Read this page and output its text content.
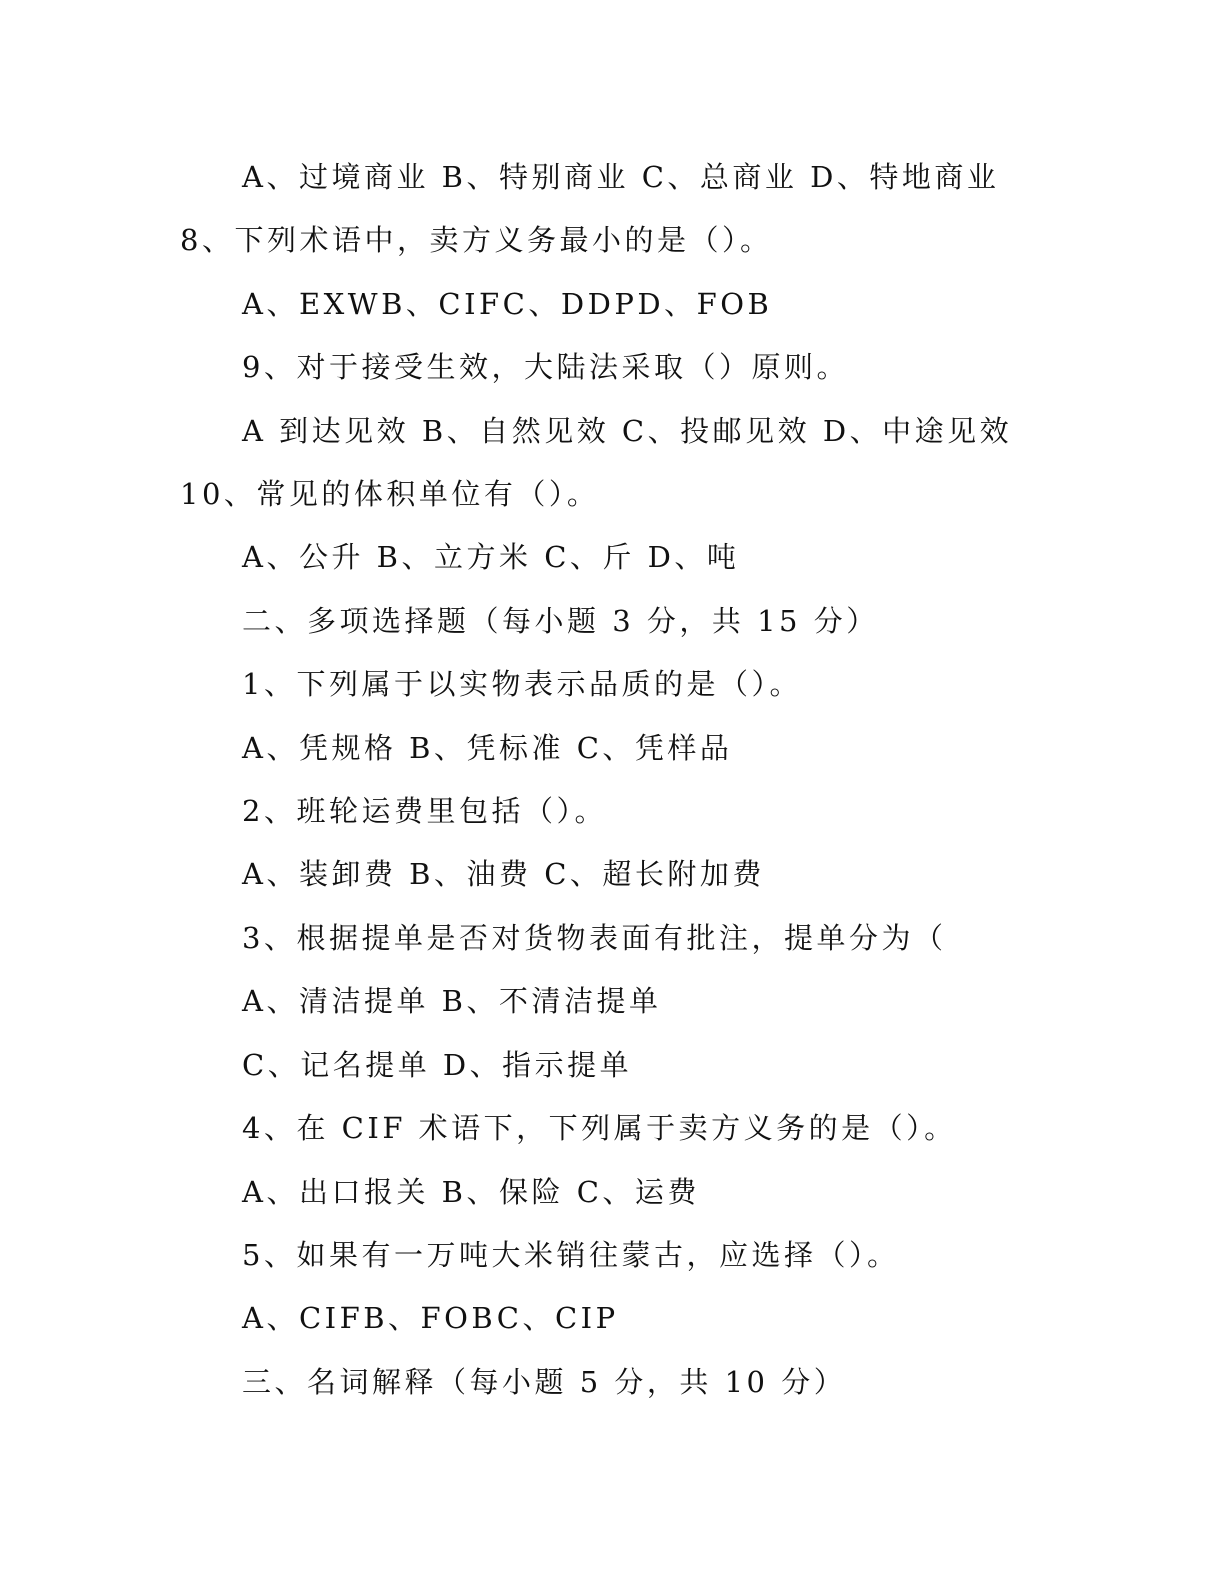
A、过境商业 B、特别商业 C、总商业 D、特地商业 8、下列术语中，卖方义务最小的是（）。

A、EXWB、CIFC、DDPD、FOB

9、对于接受生效，大陆法采取（）原则。

A 到达见效 B、自然见效 C、投邮见效 D、中途见效 10、常见的体积单位有（）。

A、公升 B、立方米 C、斤 D、吨

二、多项选择题（每小题 3 分，共 15 分）

1、下列属于以实物表示品质的是（）。

A、凭规格 B、凭标准 C、凭样品

2、班轮运费里包括（）。

A、装卸费 B、油费 C、超长附加费

3、根据提单是否对货物表面有批注，提单分为（

A、清洁提单 B、不清洁提单

C、记名提单 D、指示提单

4、在 CIF 术语下，下列属于卖方义务的是（）。

A、出口报关 B、保险 C、运费

5、如果有一万吨大米销往蒙古，应选择（）。

A、CIFB、FOBC、CIP

三、名词解释（每小题 5 分，共 10 分）
